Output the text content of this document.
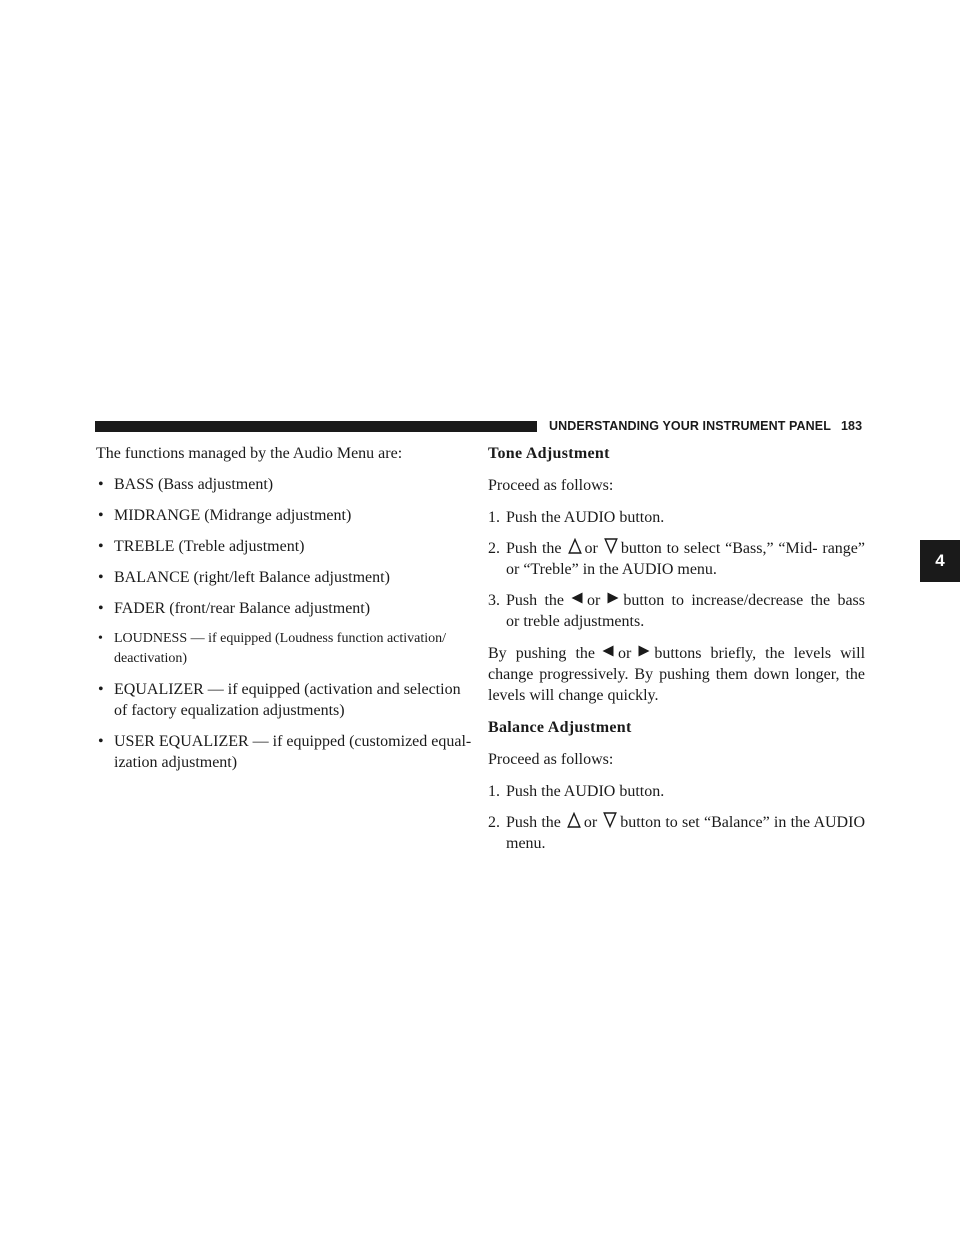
UNDERSTANDING YOUR INSTRUMENT PANEL 183
4

The functions managed by the Audio Menu are:

• BASS (Bass adjustment)
• MIDRANGE (Midrange adjustment)
• TREBLE (Treble adjustment)
• BALANCE (right/left Balance adjustment)
• FADER (front/rear Balance adjustment)
• LOUDNESS — if equipped (Loudness function activation/ deactivation)
• EQUALIZER — if equipped (activation and selection of factory equalization adjustments)
• USER EQUALIZER — if equipped (customized equal- ization adjustment)

Tone Adjustment

Proceed as follows:

1. Push the AUDIO button.
2. Push the or button to select “Bass,” “Mid- range” or “Treble” in the AUDIO menu.
3. Push the or button to increase/decrease the bass or treble adjustments.

By pushing the or buttons briefly, the levels will change progressively. By pushing them down longer, the levels will change quickly.

Balance Adjustment

Proceed as follows:

1. Push the AUDIO button.
2. Push the or button to set “Balance” in the AUDIO menu.
